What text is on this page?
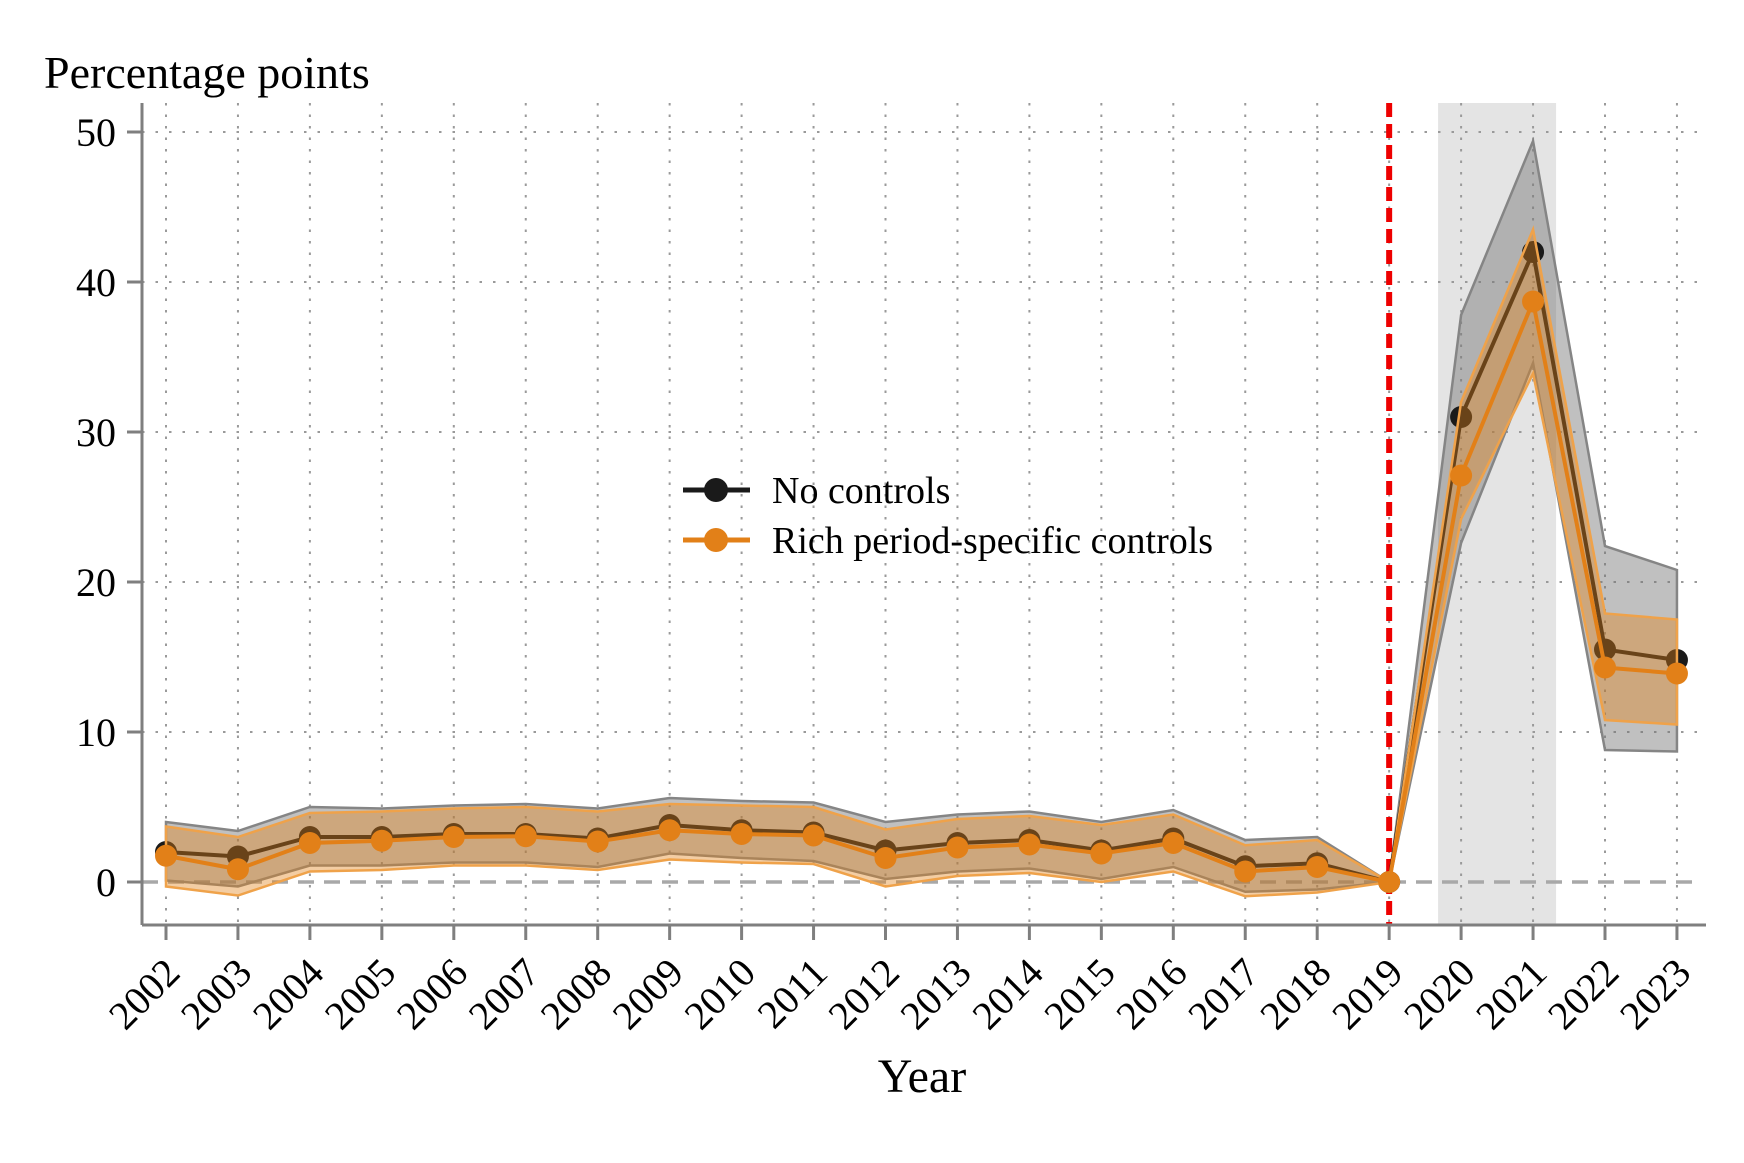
0
10
20
30
40
50
2002
2003
2004
2005
2006
2007
2008
2009
2010
2011
2012
2013
2014
2015
2016
2017
2018
2019
2020
2021
2022
2023
Percentage points
Year
No controls
Rich period-specific controls
